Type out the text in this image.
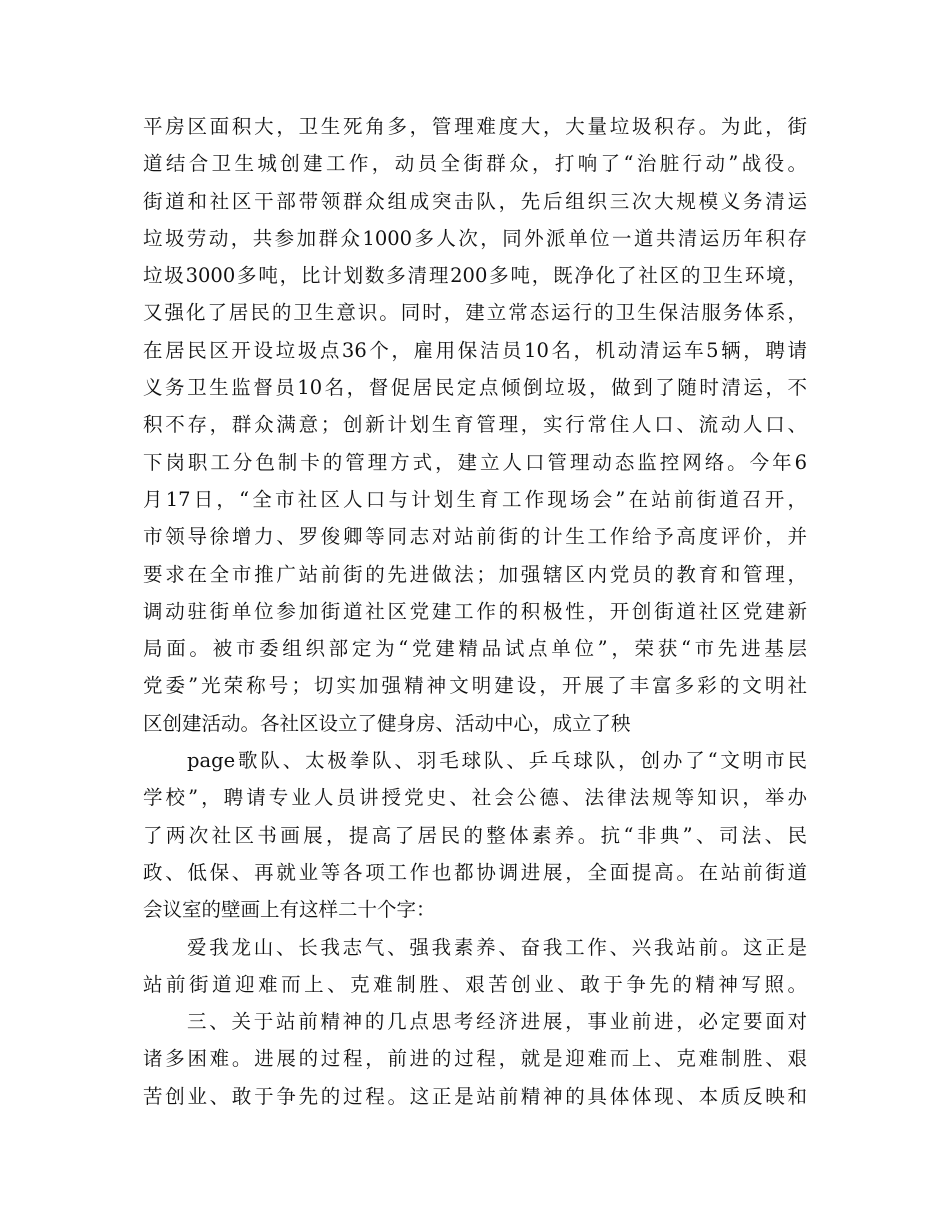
平房区面积大，卫生死角多，管理难度大，大量垃圾积存。为此，街
道结合卫生城创建工作，动员全街群众，打响了“治脏行动”战役。
街道和社区干部带领群众组成突击队，先后组织三次大规模义务清运
垃圾劳动，共参加群众1000多人次，同外派单位一道共清运历年积存
垃圾3000多吨，比计划数多清理200多吨，既净化了社区的卫生环境，
又强化了居民的卫生意识。同时，建立常态运行的卫生保洁服务体系，
在居民区开设垃圾点36个，雇用保洁员10名，机动清运车5辆，聘请
义务卫生监督员10名，督促居民定点倾倒垃圾，做到了随时清运，不
积不存，群众满意；创新计划生育管理，实行常住人口、流动人口、
下岗职工分色制卡的管理方式，建立人口管理动态监控网络。今年6
月17日，“全市社区人口与计划生育工作现场会”在站前街道召开，
市领导徐增力、罗俊卿等同志对站前街的计生工作给予高度评价，并
要求在全市推广站前街的先进做法；加强辖区内党员的教育和管理，
调动驻街单位参加街道社区党建工作的积极性，开创街道社区党建新
局面。被市委组织部定为“党建精品试点单位”，荣获“市先进基层
党委”光荣称号；切实加强精神文明建设，开展了丰富多彩的文明社
区创建活动。各社区设立了健身房、活动中心，成立了秧
page歌队、太极拳队、羽毛球队、乒乓球队，创办了“文明市民
学校”，聘请专业人员讲授党史、社会公德、法律法规等知识，举办
了两次社区书画展，提高了居民的整体素养。抗“非典”、司法、民
政、低保、再就业等各项工作也都协调进展，全面提高。在站前街道
会议室的壁画上有这样二十个字：
爱我龙山、长我志气、强我素养、奋我工作、兴我站前。这正是
站前街道迎难而上、克难制胜、艰苦创业、敢于争先的精神写照。
三、关于站前精神的几点思考经济进展，事业前进，必定要面对
诸多困难。进展的过程，前进的过程，就是迎难而上、克难制胜、艰
苦创业、敢于争先的过程。这正是站前精神的具体体现、本质反映和
